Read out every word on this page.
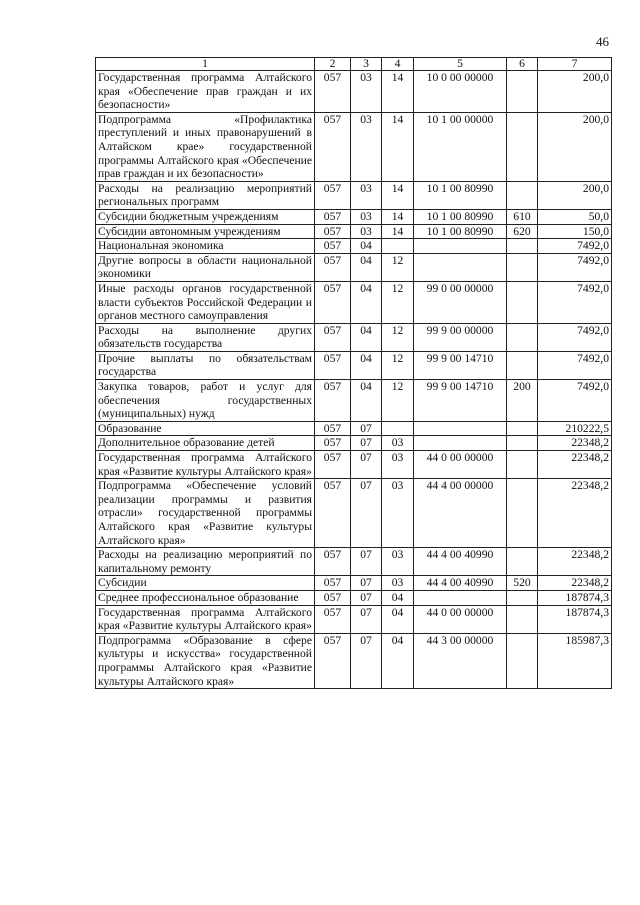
46
1	2	3	4	5	6	7
Государственная программа Алтайского края «Обеспечение прав граждан и их безопасности»	057	03	14	10 0 00 00000		200,0
Подпрограмма «Профилактика преступлений и иных правонарушений в Алтайском крае» государственной программы Алтайского края «Обеспечение прав граждан и их безопасности»	057	03	14	10 1 00 00000		200,0
Расходы на реализацию мероприятий региональных программ	057	03	14	10 1 00 80990		200,0
Субсидии бюджетным учреждениям	057	03	14	10 1 00 80990	610	50,0
Субсидии автономным учреждениям	057	03	14	10 1 00 80990	620	150,0
Национальная экономика	057	04				7492,0
Другие вопросы в области национальной экономики	057	04	12			7492,0
Иные расходы органов государственной власти субъектов Российской Федерации и органов местного самоуправления	057	04	12	99 0 00 00000		7492,0
Расходы на выполнение других обязательств государства	057	04	12	99 9 00 00000		7492,0
Прочие выплаты по обязательствам государства	057	04	12	99 9 00 14710		7492,0
Закупка товаров, работ и услуг для обеспечения государственных (муниципальных) нужд	057	04	12	99 9 00 14710	200	7492,0
Образование	057	07				210222,5
Дополнительное образование детей	057	07	03			22348,2
Государственная программа Алтайского края «Развитие культуры Алтайского края»	057	07	03	44 0 00 00000		22348,2
Подпрограмма «Обеспечение условий реализации программы и развития отрасли» государственной программы Алтайского края «Развитие культуры Алтайского края»	057	07	03	44 4 00 00000		22348,2
Расходы на реализацию мероприятий по капитальному ремонту	057	07	03	44 4 00 40990		22348,2
Субсидии	057	07	03	44 4 00 40990	520	22348,2
Среднее профессиональное образование	057	07	04			187874,3
Государственная программа Алтайского края «Развитие культуры Алтайского края»	057	07	04	44 0 00 00000		187874,3
Подпрограмма «Образование в сфере культуры и искусства» государственной программы Алтайского края «Развитие культуры Алтайского края»	057	07	04	44 3 00 00000		185987,3
